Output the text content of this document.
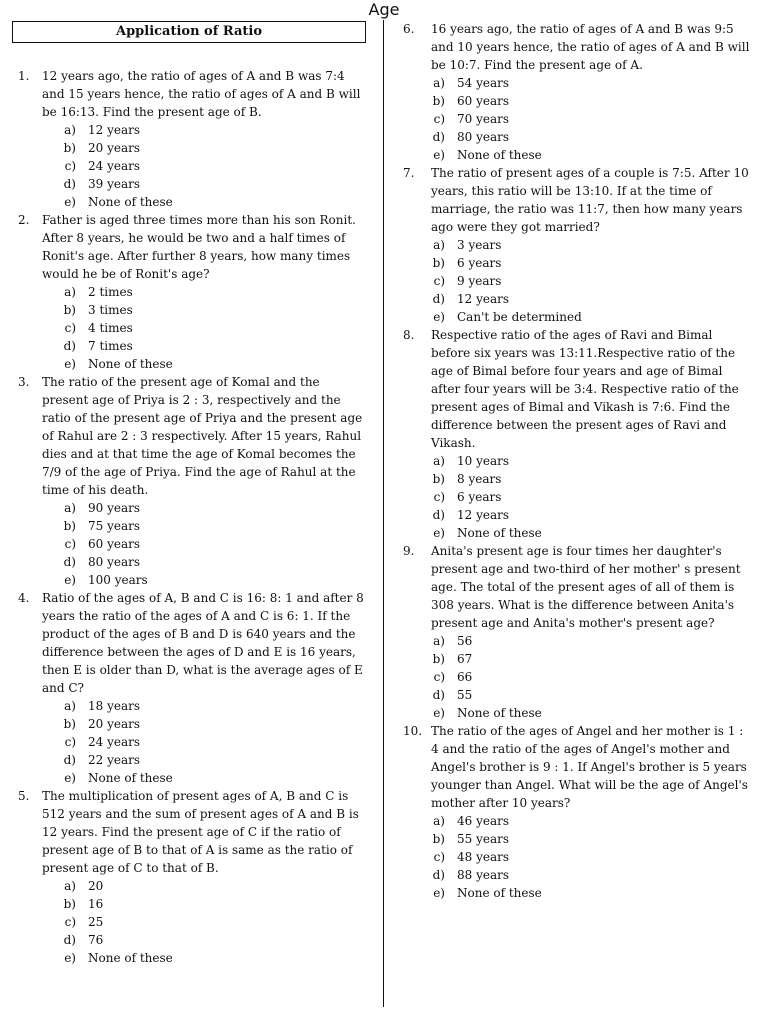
Age
Application of Ratio
1.	12 years ago, the ratio of ages of A and B was 7:4 and 15 years hence, the ratio of ages of A and B will be 16:13. Find the present age of B.
a)	12 years
b)	20 years
c)	24 years
d)	39 years
e)	None of these
2.	Father is aged three times more than his son Ronit. After 8 years, he would be two and a half times of Ronit's age. After further 8 years, how many times would he be of Ronit's age?
a)	2 times
b)	3 times
c)	4 times
d)	7 times
e)	None of these
3.	The ratio of the present age of Komal and the present age of Priya is 2 : 3, respectively and the ratio of the present age of Priya and the present age of Rahul are 2 : 3 respectively. After 15 years, Rahul dies and at that time the age of Komal becomes the 7/9 of the age of Priya. Find the age of Rahul at the time of his death.
a)	90 years
b)	75 years
c)	60 years
d)	80 years
e)	100 years
4.	Ratio of the ages of A, B and C is 16: 8: 1 and after 8 years the ratio of the ages of A and C is 6: 1. If the product of the ages of B and D is 640 years and the difference between the ages of D and E is 16 years, then E is older than D, what is the average ages of E and C?
a)	18 years
b)	20 years
c)	24 years
d)	22 years
e)	None of these
5.	The multiplication of present ages of A, B and C is 512 years and the sum of present ages of A and B is 12 years. Find the present age of C if the ratio of present age of B to that of A is same as the ratio of present age of C to that of B.
a)	20
b)	16
c)	25
d)	76
e)	None of these
6.	16 years ago, the ratio of ages of A and B was 9:5 and 10 years hence, the ratio of ages of A and B will be 10:7. Find the present age of A.
a)	54 years
b)	60 years
c)	70 years
d)	80 years
e)	None of these
7.	The ratio of present ages of a couple is 7:5. After 10 years, this ratio will be 13:10. If at the time of marriage, the ratio was 11:7, then how many years ago were they got married?
a)	3 years
b)	6 years
c)	9 years
d)	12 years
e)	Can't be determined
8.	Respective ratio of the ages of Ravi and Bimal before six years was 13:11.Respective ratio of the age of Bimal before four years and age of Bimal after four years will be 3:4. Respective ratio of the present ages of Bimal and Vikash is 7:6. Find the difference between the present ages of Ravi and Vikash.
a)	10 years
b)	8 years
c)	6 years
d)	12 years
e)	None of these
9.	Anita's present age is four times her daughter's present age and two-third of her mother' s present age. The total of the present ages of all of them is 308 years. What is the difference between Anita's present age and Anita's mother's present age?
a)	56
b)	67
c)	66
d)	55
e)	None of these
10. The ratio of the ages of Angel and her mother is 1 : 4 and the ratio of the ages of Angel's mother and Angel's brother is 9 : 1. If Angel's brother is 5 years younger than Angel. What will be the age of Angel's mother after 10 years?
a)	46 years
b)	55 years
c)	48 years
d)	88 years
e)	None of these
